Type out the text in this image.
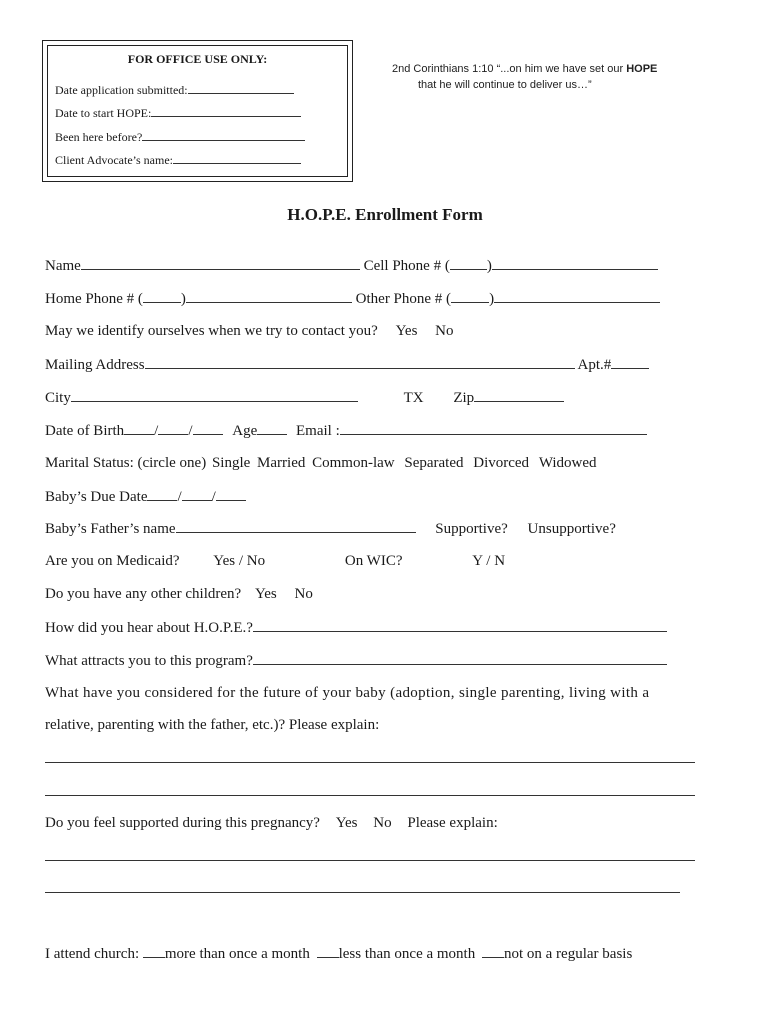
FOR OFFICE USE ONLY:
Date application submitted:
Date to start HOPE:
Been here before?
Client Advocate’s name:
2nd Corinthians 1:10 “...on him we have set our HOPE
that he will continue to deliver us…”
H.O.P.E. Enrollment Form
Name	Cell Phone # ( )
Home Phone # (	)	Other Phone # (	)
May we identify ourselves when we try to contact you? Yes No
Mailing Address	Apt.#
City	TX Zip
Date of Birth / /	Age	Email :
Marital Status: (circle one) Single Married Common-law Separated Divorced Widowed
Baby’s Due Date / /
Baby’s Father’s name	Supportive? Unsupportive?
Are you on Medicaid? Yes / No	On WIC?	Y / N
Do you have any other children? Yes No
How did you hear about H.O.P.E.?
What attracts you to this program?
What have you considered for the future of your baby (adoption, single parenting, living with a
relative, parenting with the father, etc.)? Please explain:
Do you feel supported during this pregnancy? Yes No Please explain:
I attend church: more than once a month less than once a month not on a regular basis
